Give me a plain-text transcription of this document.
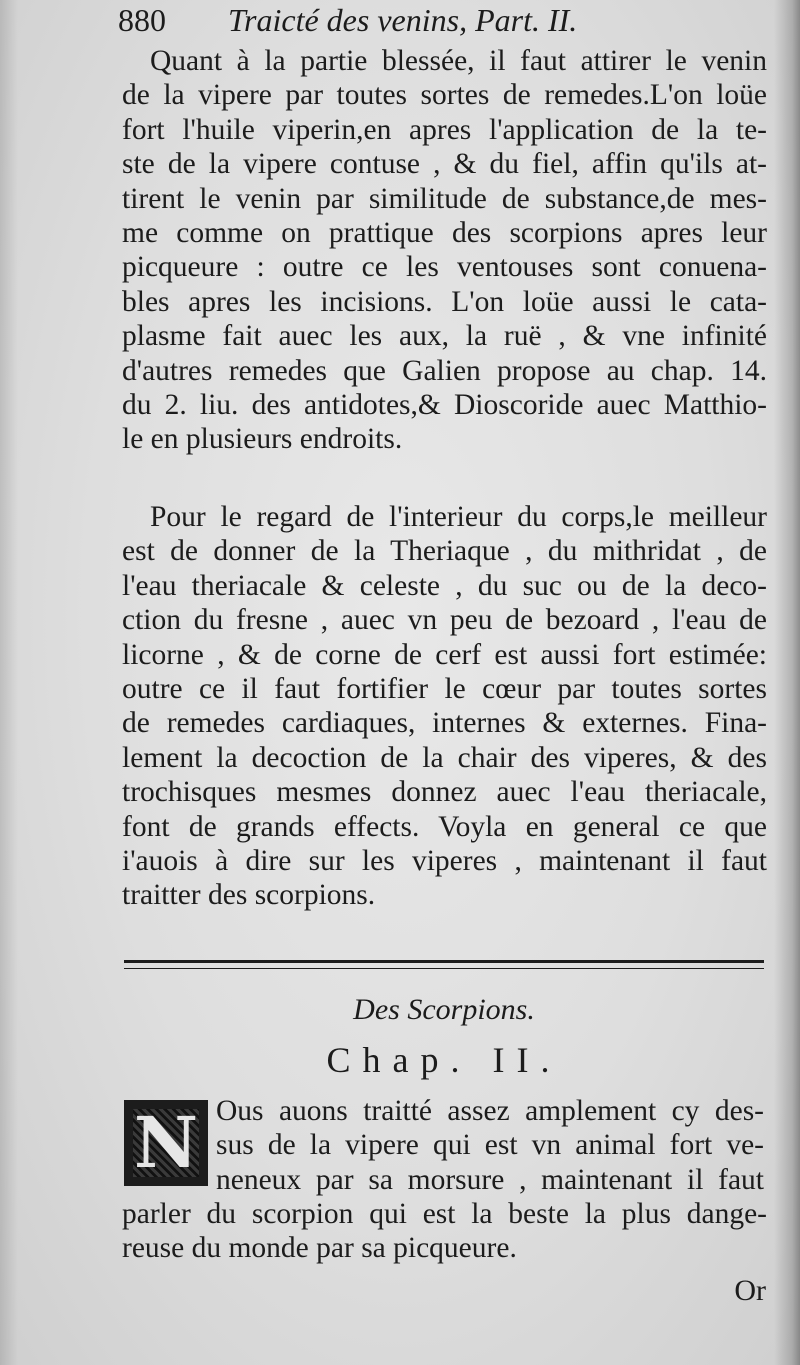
880 Traicté des venins, Part. II.
Quant à la partie blessée, il faut attirer le venin
de la vipere par toutes sortes de remedes.L'on loüe
fort l'huile viperin,en apres l'application de la te-
ste de la vipere contuse , & du fiel, affin qu'ils at-
tirent le venin par similitude de substance,de mes-
me comme on prattique des scorpions apres leur
picqueure : outre ce les ventouses sont conuena-
bles apres les incisions. L'on loüe aussi le cata-
plasme fait auec les aux, la ruë , & vne infinité
d'autres remedes que Galien propose au chap. 14.
du 2. liu. des antidotes,& Dioscoride auec Matthio-
le en plusieurs endroits.
Pour le regard de l'interieur du corps,le meilleur
est de donner de la Theriaque , du mithridat , de
l'eau theriacale & celeste , du suc ou de la deco-
ction du fresne , auec vn peu de bezoard , l'eau de
licorne , & de corne de cerf est aussi fort estimée:
outre ce il faut fortifier le cœur par toutes sortes
de remedes cardiaques, internes & externes. Fina-
lement la decoction de la chair des viperes, & des
trochisques mesmes donnez auec l'eau theriacale,
font de grands effects. Voyla en general ce que
i'auois à dire sur les viperes , maintenant il faut
traitter des scorpions.
Des Scorpions.
Chap. II.
N Ous auons traitté assez amplement cy des-
sus de la vipere qui est vn animal fort ve-
neneux par sa morsure , maintenant il faut
parler du scorpion qui est la beste la plus dange-
reuse du monde par sa picqueure.
Or
